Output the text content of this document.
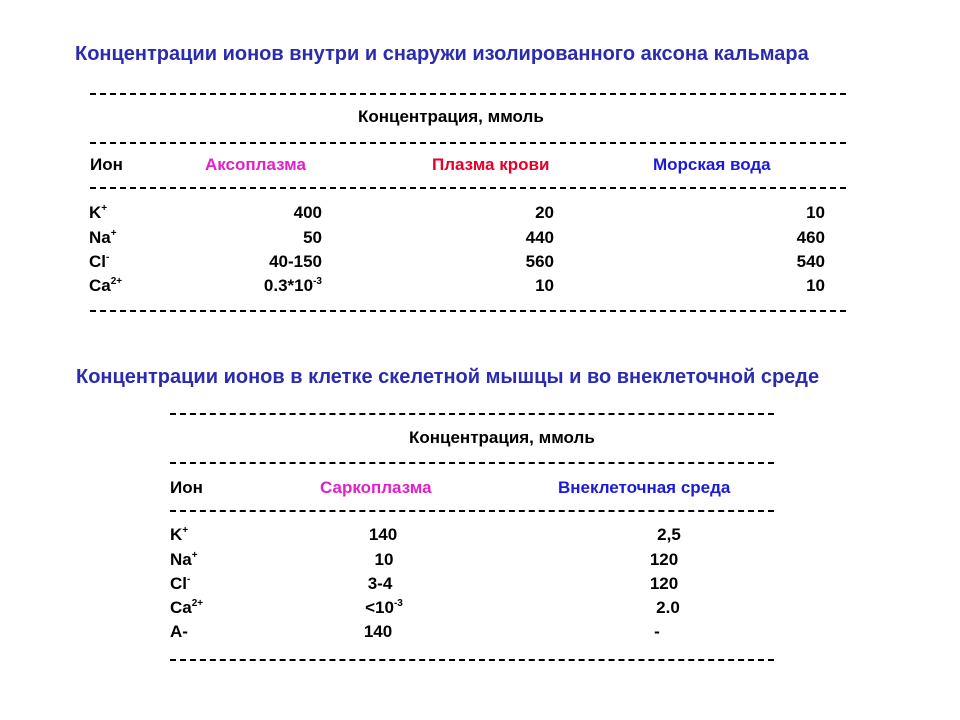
Концентрации ионов внутри и снаружи изолированного аксона кальмара
Концентрация, ммоль
Ион	Аксоплазма	Плазма крови	Морская вода
K+	400	20	10
Na+	50	440	460
Cl-	40-150	560	540
$Ca^{2+}$	$0.3*10^{-3}$	10	10
Концентрации ионов в клетке скелетной мышцы и во внеклеточной среде
Концентрация, ммоль
Ион	Саркоплазма	Внеклеточная среда
K+	140	2,5
Na+	10	120
Cl-	3-4	120
$Ca^{2+}$	$<10^{-3}$	2.0
A-	140	-
